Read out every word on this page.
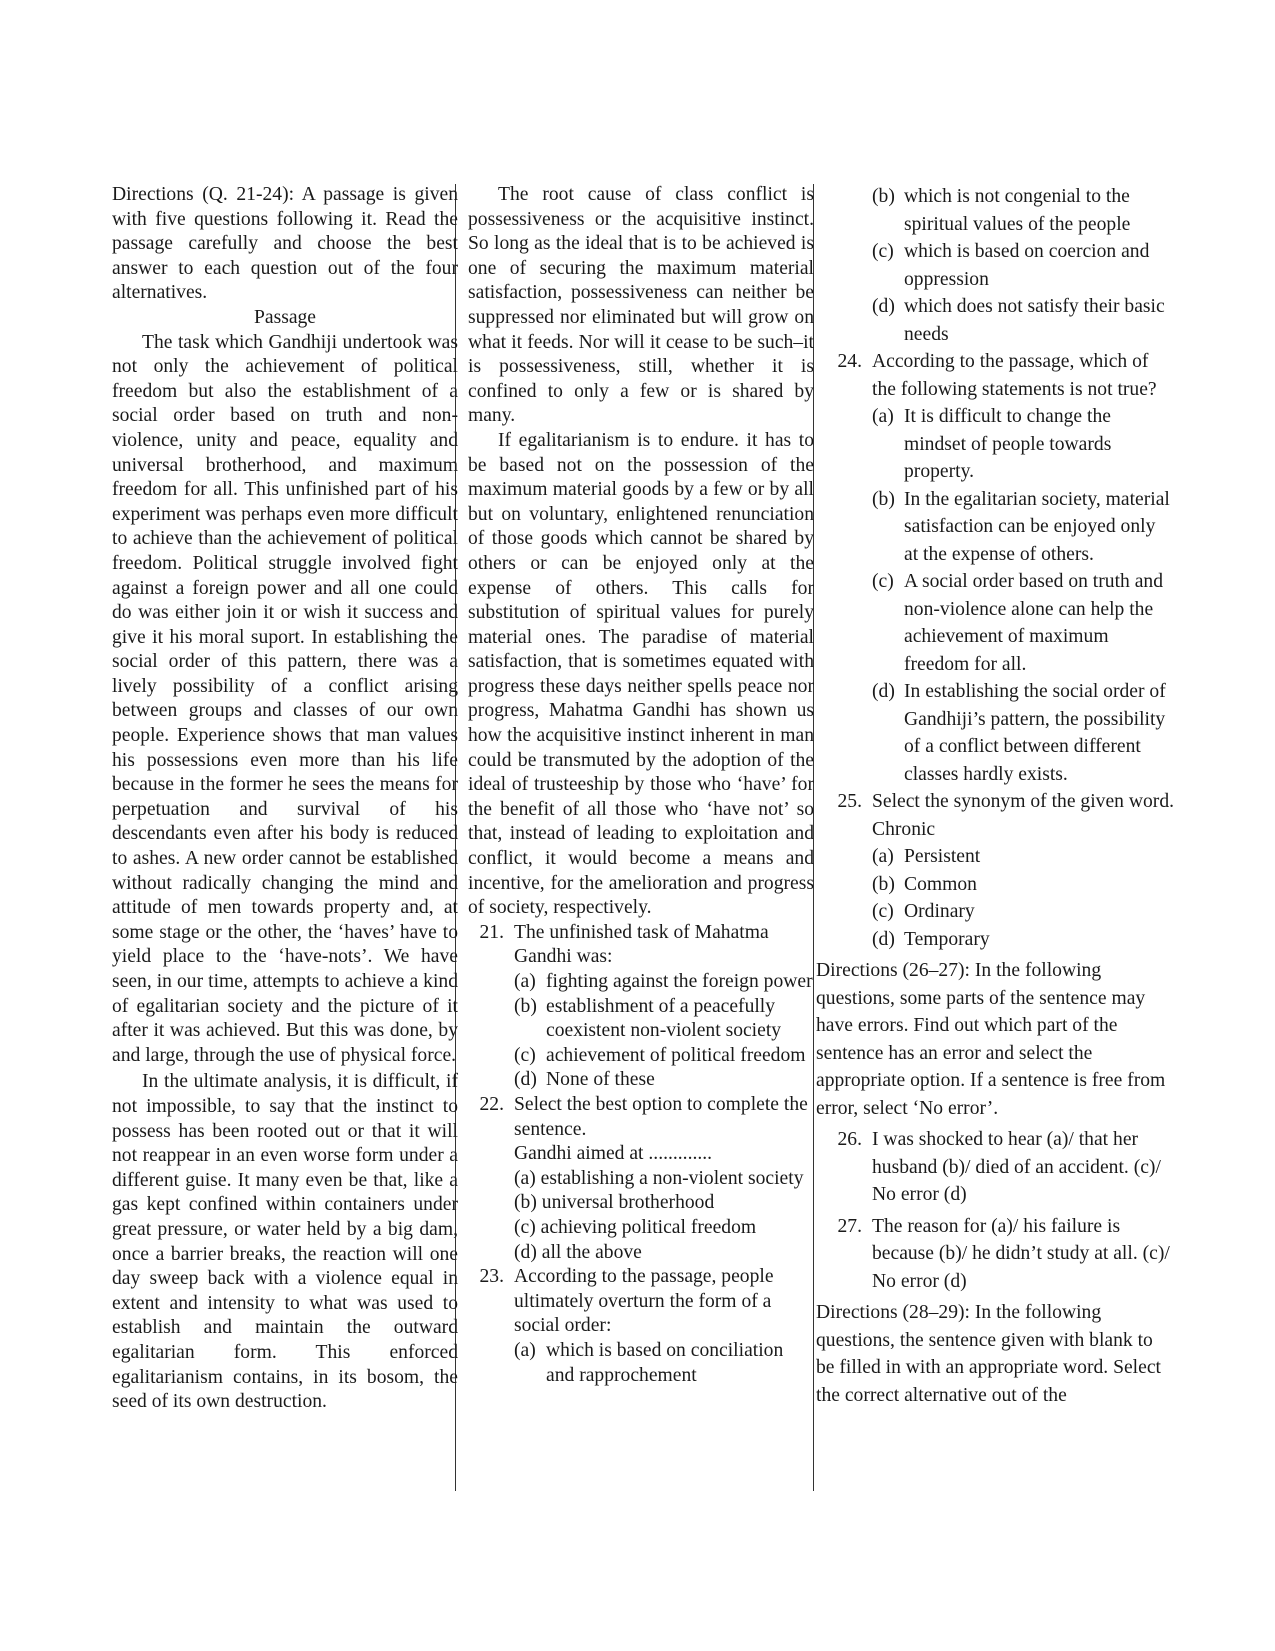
Directions (Q. 21-24): A passage is given with five questions following it. Read the passage carefully and choose the best answer to each question out of the four alternatives.

Passage

The task which Gandhiji undertook was not only the achievement of political freedom but also the establishment of a social order based on truth and non-violence, unity and peace, equality and universal brotherhood, and maximum freedom for all. This unfinished part of his experiment was perhaps even more difficult to achieve than the achievement of political freedom. Political struggle involved fight against a foreign power and all one could do was either join it or wish it success and give it his moral suport. In establishing the social order of this pattern, there was a lively possibility of a conflict arising between groups and classes of our own people. Experience shows that man values his possessions even more than his life because in the former he sees the means for perpetuation and survival of his descendants even after his body is reduced to ashes. A new order cannot be established without radically changing the mind and attitude of men towards property and, at some stage or the other, the ‘haves’ have to yield place to the ‘have-nots’. We have seen, in our time, attempts to achieve a kind of egalitarian society and the picture of it after it was achieved. But this was done, by and large, through the use of physical force.

In the ultimate analysis, it is difficult, if not impossible, to say that the instinct to possess has been rooted out or that it will not reappear in an even worse form under a different guise. It many even be that, like a gas kept confined within containers under great pressure, or water held by a big dam, once a barrier breaks, the reaction will one day sweep back with a violence equal in extent and intensity to what was used to establish and maintain the outward egalitarian form. This enforced egalitarianism contains, in its bosom, the seed of its own destruction.

The root cause of class conflict is possessiveness or the acquisitive instinct. So long as the ideal that is to be achieved is one of securing the maximum material satisfaction, possessiveness can neither be suppressed nor eliminated but will grow on what it feeds. Nor will it cease to be such–it is possessiveness, still, whether it is confined to only a few or is shared by many.

If egalitarianism is to endure. it has to be based not on the possession of the maximum material goods by a few or by all but on voluntary, enlightened renunciation of those goods which cannot be shared by others or can be enjoyed only at the expense of others. This calls for substitution of spiritual values for purely material ones. The paradise of material satisfaction, that is sometimes equated with progress these days neither spells peace nor progress, Mahatma Gandhi has shown us how the acquisitive instinct inherent in man could be transmuted by the adoption of the ideal of trusteeship by those who ‘have’ for the benefit of all those who ‘have not’ so that, instead of leading to exploitation and conflict, it would become a means and incentive, for the amelioration and progress of society, respectively.

21. The unfinished task of Mahatma Gandhi was:
(a) fighting against the foreign power
(b) establishment of a peacefully coexistent non-violent society
(c) achievement of political freedom
(d) None of these
22. Select the best option to complete the sentence.
Gandhi aimed at .............
(a)
establishing a non-violent society
(b)
universal brotherhood
(c)
achieving political freedom
(d)
all the above
23. According to the passage, people ultimately overturn the form of a social order:
(a) which is based on conciliation and rapprochement
(b) which is not congenial to the spiritual values of the people
(c) which is based on coercion and oppression
(d) which does not satisfy their basic needs
24. According to the passage, which of the following statements is not true?
(a) It is difficult to change the mindset of people towards property.
(b) In the egalitarian society, material satisfaction can be enjoyed only at the expense of others.
(c) A social order based on truth and non-violence alone can help the achievement of maximum freedom for all.
(d) In establishing the social order of Gandhiji’s pattern, the possibility of a conflict between different classes hardly exists.
25. Select the synonym of the given word.
Chronic
(a) Persistent
(b) Common
(c) Ordinary
(d) Temporary

Directions (26–27): In the following questions, some parts of the sentence may have errors. Find out which part of the sentence has an error and select the appropriate option. If a sentence is free from error, select ‘No error’.

26. I was shocked to hear (a)/ that her husband (b)/ died of an accident. (c)/ No error (d)
27. The reason for (a)/ his failure is because (b)/ he didn’t study at all. (c)/ No error (d)

Directions (28–29): In the following questions, the sentence given with blank to be filled in with an appropriate word. Select the correct alternative out of the
